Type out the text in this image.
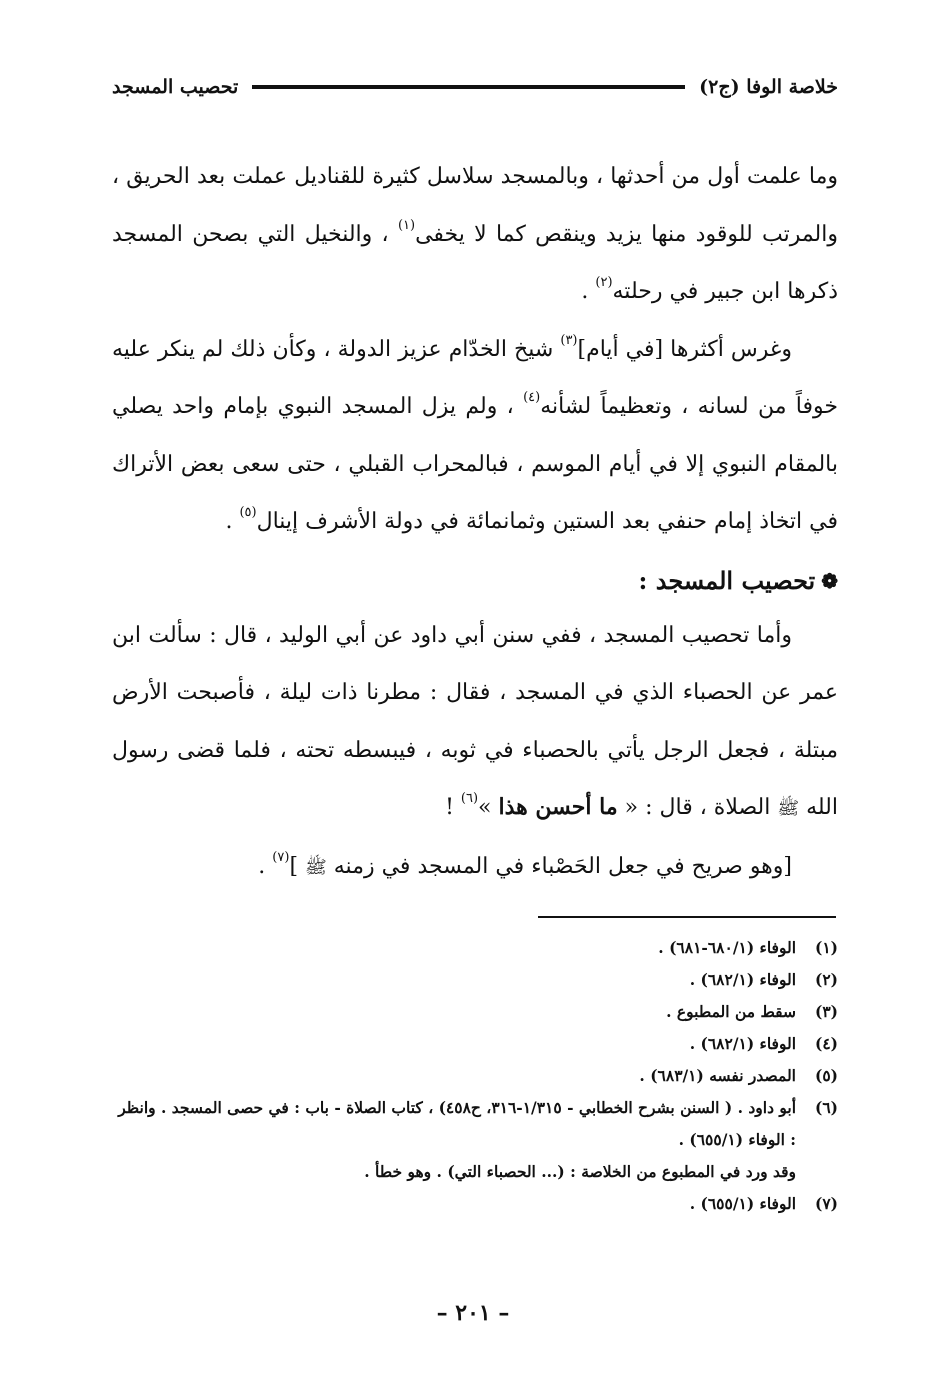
خلاصة الوفا (ج٢)
تحصيب المسجد

وما علمت أول من أحدثها ، وبالمسجد سلاسل كثيرة للقناديل عملت بعد الحريق ، والمرتب للوقود منها يزيد وينقص كما لا يخفى$^{(١)}$ ، والنخيل التي بصحن المسجد ذكرها ابن جبير في رحلته$^{(٢)}$ .

وغرس أكثرها [في أيام]$^{(٣)}$ شيخ الخدّام عزيز الدولة ، وكأن ذلك لم ينكر عليه خوفاً من لسانه ، وتعظيماً لشأنه$^{(٤)}$ ، ولم يزل المسجد النبوي بإمام واحد يصلي بالمقام النبوي إلا في أيام الموسم ، فبالمحراب القبلي ، حتى سعى بعض الأتراك في اتخاذ إمام حنفي بعد الستين وثمانمائة في دولة الأشرف إينال$^{(٥)}$ .

❁
تحصيب المسجد :

وأما تحصيب المسجد ، ففي سنن أبي داود عن أبي الوليد ، قال : سألت ابن عمر عن الحصباء الذي في المسجد ، فقال : مطرنا ذات ليلة ، فأصبحت الأرض مبتلة ، فجعل الرجل يأتي بالحصباء في ثوبه ، فيبسطه تحته ، فلما قضى رسول الله ﷺ الصلاة ، قال : « ما أحسن هذا »$^{(٦)}$ !

[وهو صريح في جعل الحَصْباء في المسجد في زمنه ﷺ ]$^{(٧)}$ .

(١)
الوفاء (٦٨٠/١-٦٨١) .
(٢)
الوفاء (٦٨٢/١) .
(٣)
سقط من المطبوع .
(٤)
الوفاء (٦٨٢/١) .
(٥)
المصدر نفسه (٦٨٣/١) .
(٦)
أبو داود . ( السنن بشرح الخطابي - ١/٣١٥-٣١٦، ح٤٥٨) ، كتاب الصلاة - باب : في حصى المسجد . وانظر : الوفاء (٦٥٥/١) .
وقد ورد في المطبوع من الخلاصة : (... الحصباء التي) . وهو خطأ .
(٧)
الوفاء (٦٥٥/١) .
– ٢٠١ –
